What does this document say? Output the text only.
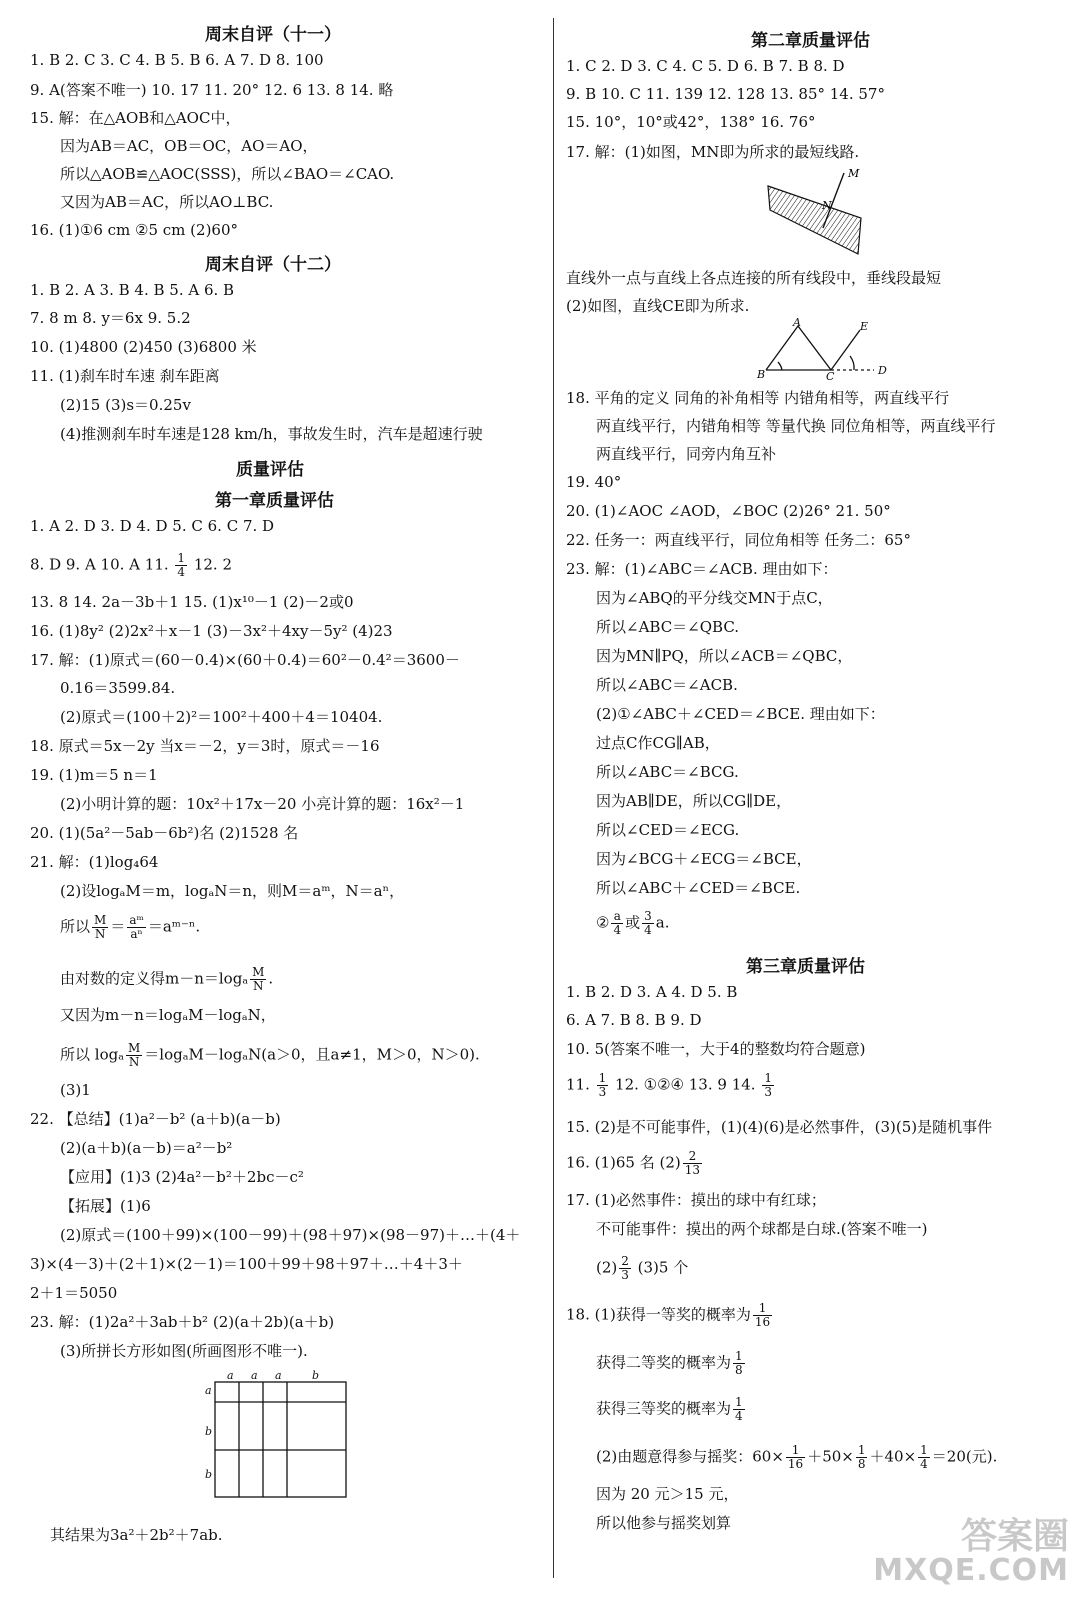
周末自评（十一）
1. B 2. C 3. C 4. B 5. B 6. A 7. D 8. 100
9. A(答案不唯一) 10. 17 11. 20° 12. 6 13. 8 14. 略
15. 解：在△AOB和△AOC中，
因为AB＝AC，OB＝OC，AO＝AO，
所以△AOB≌△AOC(SSS)，所以∠BAO＝∠CAO.
又因为AB＝AC，所以AO⊥BC.
16. (1)①6 cm ②5 cm (2)60°
周末自评（十二）
1. B 2. A 3. B 4. B 5. A 6. B
7. 8 m 8. y＝6x 9. 5.2
10. (1)4800 (2)450 (3)6800 米
11. (1)刹车时车速 刹车距离
(2)15 (3)s＝0.25v
(4)推测刹车时车速是128 km/h，事故发生时，汽车是超速行驶
质量评估
第一章质量评估
1. A 2. D 3. D 4. D 5. C 6. C 7. D
8. D 9. A 10. A 11. $\frac{1}{4} 12$. 2
13. 8 14. 2a－3b＋1 15. (1)x¹⁰－1 (2)－2或0
16. (1)8y² (2)2x²＋x－1 (3)－3x²＋4xy－5y² (4)23
17. 解：(1)原式＝(60－0.4)×(60＋0.4)＝60²－0.4²＝3600－
0.16＝3599.84.
(2)原式＝(100＋2)²＝100²＋400＋4＝10404.
18. 原式＝5x－2y 当x＝－2，y＝3时，原式＝－16
19. (1)m＝5 n＝1
(2)小明计算的题：10x²＋17x－20 小亮计算的题：16x²－1
20. (1)(5a²－5ab－6b²)名 (2)1528 名
21. 解：(1)log₄64
(2)设logₐM＝m，logₐN＝n，则M＝aᵐ，N＝aⁿ，
所以 $\frac{M}{N} = \frac{\text{aᵐ}}{\text{aⁿ}}$ ＝aᵐ⁻ⁿ.
由对数的定义得$m-n=\log_a \frac{M}{N}$ .
又因为m－n＝logₐM－logₐN，
所以 logₐ $\frac{M}{N} =\log_aM-\log_aN(a>0$，且a≠1，M＞0，N＞0).
(3)1
22. 【总结】(1)a²－b² (a＋b)(a－b)
(2)(a＋b)(a－b)＝a²－b²
【应用】(1)3 (2)4a²－b²＋2bc－c²
【拓展】(1)6
(2)原式＝(100＋99)×(100－99)＋(98＋97)×(98－97)＋…＋(4＋
3)×(4－3)＋(2＋1)×(2－1)＝100＋99＋98＋97＋…＋4＋3＋
2＋1＝5050
23. 解：(1)2a²＋3ab＋b² (2)(a＋2b)(a＋b)
(3)所拼长方形如图(所画图形不唯一).
a a a	b
a
b
b
其结果为3a²＋2b²＋7ab.
第二章质量评估
1. C 2. D 3. C 4. C 5. D 6. B 7. B 8. D
9. B 10. C 11. 139 12. 128 13. 85° 14. 57°
15. 10°，10°或42°，138° 16. 76°
17. 解：(1)如图，MN即为所求的最短线路.
M
N
直线外一点与直线上各点连接的所有线段中，垂线段最短
(2)如图，直线CE即为所求.
A	E
B	C	D
18. 平角的定义 同角的补角相等 内错角相等，两直线平行
两直线平行，内错角相等 等量代换 同位角相等，两直线平行
两直线平行，同旁内角互补
19. 40°
20. (1)∠AOC ∠AOD，∠BOC (2)26° 21. 50°
22. 任务一：两直线平行，同位角相等 任务二：65°
23. 解：(1)∠ABC＝∠ACB. 理由如下：
因为∠ABQ的平分线交MN于点C，
所以∠ABC＝∠QBC.
因为MN∥PQ，所以∠ACB＝∠QBC，
所以∠ABC＝∠ACB.
(2)①∠ABC＋∠CED＝∠BCE. 理由如下：
过点C作CG∥AB，
所以∠ABC＝∠BCG.
因为AB∥DE，所以CG∥DE，
所以∠CED＝∠ECG.
因为∠BCG＋∠ECG＝∠BCE，
所以∠ABC＋∠CED＝∠BCE.
② $\frac{a}{4}$ 或 $\frac{3}{4} a$.
第三章质量评估
1. B 2. D 3. A 4. D 5. B
6. A 7. B 8. B 9. D
10. 5(答案不唯一，大于4的整数均符合题意)
11. $\frac{1}{3} 12$. ①②④ 13. 9 14. $\frac{1}{3}$
15. (2)是不可能事件，(1)(4)(6)是必然事件，(3)(5)是随机事件
16. (1)65 名 $(2) \frac{2}{13}$
17. (1)必然事件：摸出的球中有红球；
不可能事件：摸出的两个球都是白球.(答案不唯一)
$(2) \frac{2}{3} (3)5$ 个
18. (1)获得一等奖的概率为 $\frac{1}{16}$
获得二等奖的概率为 $\frac{1}{8}$
获得三等奖的概率为 $\frac{1}{4}$
(2)由题意得参与摇奖：$60\times \frac{1}{16} +50\times \frac{1}{8} +40\times \frac{1}{4} =20$(元).
因为 20 元＞15 元，
所以他参与摇奖划算	答案圈
MXQE.COM
